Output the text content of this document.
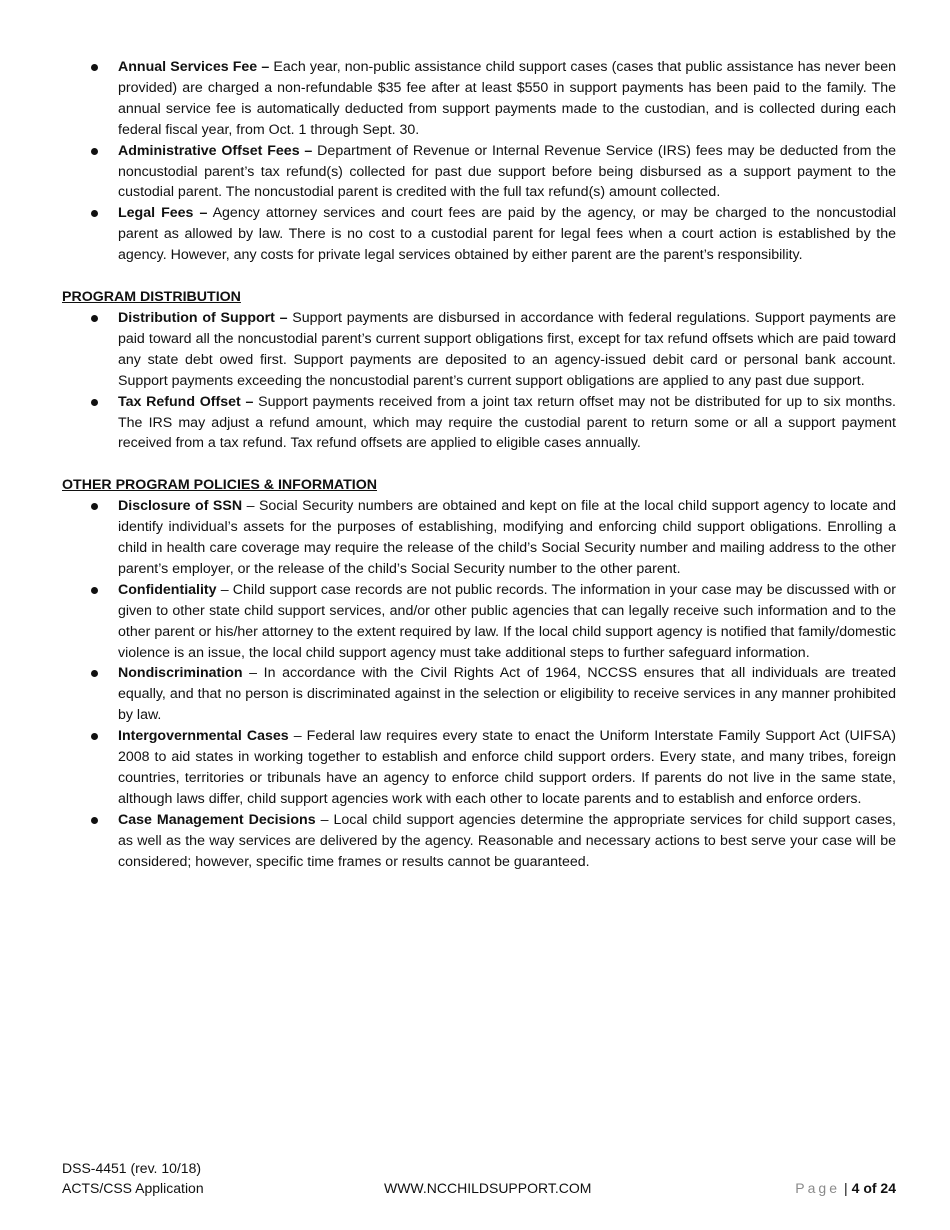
Annual Services Fee – Each year, non-public assistance child support cases (cases that public assistance has never been provided) are charged a non-refundable $35 fee after at least $550 in support payments has been paid to the family. The annual service fee is automatically deducted from support payments made to the custodian, and is collected during each federal fiscal year, from Oct. 1 through Sept. 30.
Administrative Offset Fees – Department of Revenue or Internal Revenue Service (IRS) fees may be deducted from the noncustodial parent’s tax refund(s) collected for past due support before being disbursed as a support payment to the custodial parent. The noncustodial parent is credited with the full tax refund(s) amount collected.
Legal Fees – Agency attorney services and court fees are paid by the agency, or may be charged to the noncustodial parent as allowed by law. There is no cost to a custodial parent for legal fees when a court action is established by the agency. However, any costs for private legal services obtained by either parent are the parent’s responsibility.

PROGRAM DISTRIBUTION

Distribution of Support – Support payments are disbursed in accordance with federal regulations. Support payments are paid toward all the noncustodial parent’s current support obligations first, except for tax refund offsets which are paid toward any state debt owed first. Support payments are deposited to an agency-issued debit card or personal bank account. Support payments exceeding the noncustodial parent’s current support obligations are applied to any past due support.
Tax Refund Offset – Support payments received from a joint tax return offset may not be distributed for up to six months. The IRS may adjust a refund amount, which may require the custodial parent to return some or all a support payment received from a tax refund. Tax refund offsets are applied to eligible cases annually.

OTHER PROGRAM POLICIES & INFORMATION

Disclosure of SSN – Social Security numbers are obtained and kept on file at the local child support agency to locate and identify individual’s assets for the purposes of establishing, modifying and enforcing child support obligations. Enrolling a child in health care coverage may require the release of the child’s Social Security number and mailing address to the other parent’s employer, or the release of the child’s Social Security number to the other parent.
Confidentiality – Child support case records are not public records. The information in your case may be discussed with or given to other state child support services, and/or other public agencies that can legally receive such information and to the other parent or his/her attorney to the extent required by law. If the local child support agency is notified that family/domestic violence is an issue, the local child support agency must take additional steps to further safeguard information.
Nondiscrimination – In accordance with the Civil Rights Act of 1964, NCCSS ensures that all individuals are treated equally, and that no person is discriminated against in the selection or eligibility to receive services in any manner prohibited by law.
Intergovernmental Cases – Federal law requires every state to enact the Uniform Interstate Family Support Act (UIFSA) 2008 to aid states in working together to establish and enforce child support orders. Every state, and many tribes, foreign countries, territories or tribunals have an agency to enforce child support orders. If parents do not live in the same state, although laws differ, child support agencies work with each other to locate parents and to establish and enforce orders.
Case Management Decisions – Local child support agencies determine the appropriate services for child support cases, as well as the way services are delivered by the agency. Reasonable and necessary actions to best serve your case will be considered; however, specific time frames or results cannot be guaranteed.
DSS-4451 (rev. 10/18)
ACTS/CSS Application	WWW.NCCHILDSUPPORT.COM	Page | 4 of 24
